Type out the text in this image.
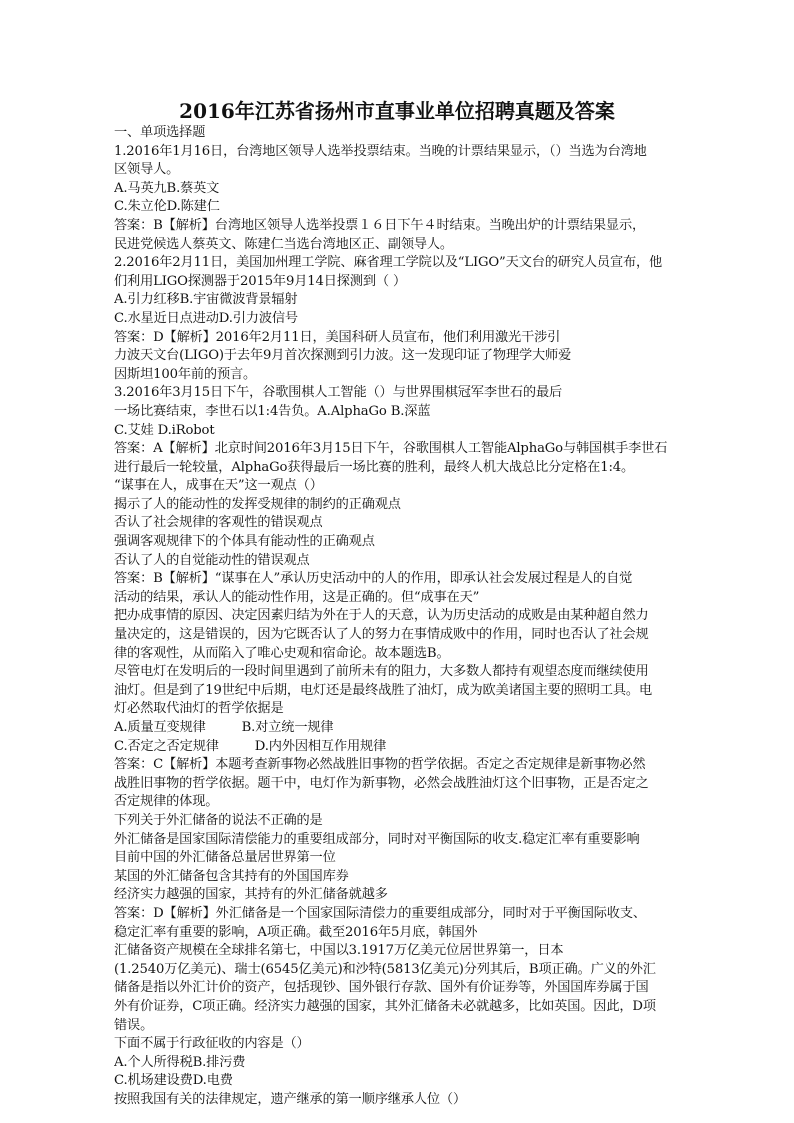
2016年江苏省扬州市直事业单位招聘真题及答案
一、单项选择题
1.2016年1月16日，台湾地区领导人选举投票结束。当晚的计票结果显示，（）当选为台湾地
区领导人。
A.马英九B.蔡英文
C.朱立伦D.陈建仁
答案：B【解析】台湾地区领导人选举投票１６日下午４时结束。当晚出炉的计票结果显示，
民进党候选人蔡英文、陈建仁当选台湾地区正、副领导人。
2.2016年2月11日，美国加州理工学院、麻省理工学院以及“LIGO”天文台的研究人员宣布，他
们利用LIGO探测器于2015年9月14日探测到（ ）
A.引力红移B.宇宙微波背景辐射
C.水星近日点进动D.引力波信号
答案：D【解析】2016年2月11日，美国科研人员宣布，他们利用激光干涉引
力波天文台(LIGO)于去年9月首次探测到引力波。这一发现印证了物理学大师爱
因斯坦100年前的预言。
3.2016年3月15日下午，谷歌围棋人工智能（）与世界围棋冠军李世石的最后
一场比赛结束，李世石以1:4告负。A.AlphaGo B.深蓝
C.艾娃 D.iRobot
答案：A【解析】北京时间2016年3月15日下午，谷歌围棋人工智能AlphaGo与韩国棋手李世石
进行最后一轮较量，AlphaGo获得最后一场比赛的胜利，最终人机大战总比分定格在1:4。
“谋事在人，成事在天”这一观点（）
揭示了人的能动性的发挥受规律的制约的正确观点
否认了社会规律的客观性的错误观点
强调客观规律下的个体具有能动性的正确观点
否认了人的自觉能动性的错误观点
答案：B【解析】“谋事在人”承认历史活动中的人的作用，即承认社会发展过程是人的自觉
活动的结果，承认人的能动性作用，这是正确的。但“成事在天”
把办成事情的原因、决定因素归结为外在于人的天意，认为历史活动的成败是由某种超自然力
量决定的，这是错误的，因为它既否认了人的努力在事情成败中的作用，同时也否认了社会规
律的客观性，从而陷入了唯心史观和宿命论。故本题选B。
尽管电灯在发明后的一段时间里遇到了前所未有的阻力，大多数人都持有观望态度而继续使用
油灯。但是到了19世纪中后期，电灯还是最终战胜了油灯，成为欧美诸国主要的照明工具。电
灯必然取代油灯的哲学依据是
A.质量互变规律	B.对立统一规律
C.否定之否定规律	D.内外因相互作用规律
答案：C【解析】本题考查新事物必然战胜旧事物的哲学依据。否定之否定规律是新事物必然
战胜旧事物的哲学依据。题干中，电灯作为新事物，必然会战胜油灯这个旧事物，正是否定之
否定规律的体现。
下列关于外汇储备的说法不正确的是
外汇储备是国家国际清偿能力的重要组成部分，同时对平衡国际的收支.稳定汇率有重要影响
目前中国的外汇储备总量居世界第一位
某国的外汇储备包含其持有的外国国库券
经济实力越强的国家，其持有的外汇储备就越多
答案：D【解析】外汇储备是一个国家国际清偿力的重要组成部分，同时对于平衡国际收支、
稳定汇率有重要的影响，A项正确。截至2016年5月底，韩国外
汇储备资产规模在全球排名第七，中国以3.1917万亿美元位居世界第一，日本
(1.2540万亿美元)、瑞士(6545亿美元)和沙特(5813亿美元)分列其后，B项正确。广义的外汇
储备是指以外汇计价的资产，包括现钞、国外银行存款、国外有价证券等，外国国库券属于国
外有价证券，C项正确。经济实力越强的国家，其外汇储备未必就越多，比如英国。因此，D项
错误。
下面不属于行政征收的内容是（）
A.个人所得税B.排污费
C.机场建设费D.电费
按照我国有关的法律规定，遗产继承的第一顺序继承人位（）
